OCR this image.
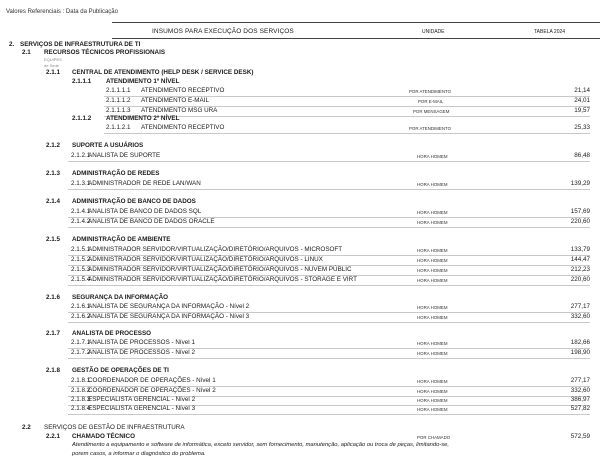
Valores Referenciais : Data da Publicação
INSUMOS PARA EXECUÇÃO DOS SERVIÇOS	UNIDADE	TABELA 2024
2. SERVIÇOS DE INFRAESTRUTURA DE TI
2.1 RECURSOS TÉCNICOS PROFISSIONAIS
EQUIPES
de Sede
2.1.1 CENTRAL DE ATENDIMENTO (HELP DESK / SERVICE DESK)
2.1.1.1 ATENDIMENTO 1º NÍVEL
2.1.1.1.1 ATENDIMENTO RECEPTIVO	POR ATENDIMENTO	21,14
2.1.1.1.2 ATENDIMENTO E-MAIL	POR E-MAIL	24,01
2.1.1.1.3 ATENDIMENTO MSG URA	POR MENSAGEM	19,57
2.1.1.2 ATENDIMENTO 2º NÍVEL
2.1.1.2.1 ATENDIMENTO RECEPTIVO	POR ATENDIMENTO	25,33
2.1.2 SUPORTE A USUÁRIOS
2.1.2.1
ANALISTA DE SUPORTE	HORA HOMEM	86,48
2.1.3 ADMINISTRAÇÃO DE REDES
2.1.3.1
ADMINISTRADOR DE REDE LAN/WAN	HORA HOMEM	139,29
2.1.4 ADMINISTRAÇÃO DE BANCO DE DADOS
2.1.4.1
ANALISTA DE BANCO DE DADOS SQL	HORA HOMEM	157,69
2.1.4.2
ANALISTA DE BANCO DE DADOS ORACLE	HORA HOMEM	220,60
2.1.5 ADMINISTRAÇÃO DE AMBIENTE
2.1.5.1
ADMINISTRADOR SERVIDOR/VIRTUALIZAÇÃO/DIRETÓRIO/ARQUIVOS - MICROSOFT	HORA HOMEM	133,79
2.1.5.2
ADMINISTRADOR SERVIDOR/VIRTUALIZAÇÃO/DIRETÓRIO/ARQUIVOS - LINUX	HORA HOMEM	144,47
2.1.5.3
ADMINISTRADOR SERVIDOR/VIRTUALIZAÇÃO/DIRETÓRIO/ARQUIVOS - NUVEM PÚBLIC	HORA HOMEM	212,23
2.1.5.4
ADMINISTRADOR SERVIDOR/VIRTUALIZAÇÃO/DIRETÓRIO/ARQUIVOS - STORAGE E VIRT	HORA HOMEM	220,60
2.1.6 SEGURANÇA DA INFORMAÇÃO
2.1.6.1
ANALISTA DE SEGURANÇA DA INFORMAÇÃO - Nível 2	HORA HOMEM	277,17
2.1.6.2
ANALISTA DE SEGURANÇA DA INFORMAÇÃO - Nível 3	HORA HOMEM	332,60
2.1.7 ANALISTA DE PROCESSO
2.1.7.1
ANALISTA DE PROCESSOS - Nível 1	HORA HOMEM	182,66
2.1.7.2
ANALISTA DE PROCESSOS - Nível 2	HORA HOMEM	198,90
2.1.8 GESTÃO DE OPERAÇÕES DE TI
2.1.8.1
COORDENADOR DE OPERAÇÕES - Nível 1	HORA HOMEM	277,17
2.1.8.2
COORDENADOR DE OPERAÇÕES - Nível 2	HORA HOMEM	332,60
2.1.8.3
ESPECIALISTA GERENCIAL - Nível 2	HORA HOMEM	386,97
2.1.8.4
ESPECIALISTA GERENCIAL - Nível 3	HORA HOMEM	527,82
2.2 SERVIÇOS DE GESTÃO DE INFRAESTRUTURA
2.2.1 CHAMADO TÉCNICO	POR CHAMADO	572,59
Atendimento a equipamento e software de informática, exceto servidor, sem fornecimento, manutenção, aplicação ou troca de peças, limitando-se,
porem casos, a informar o diagnóstico do problema.
